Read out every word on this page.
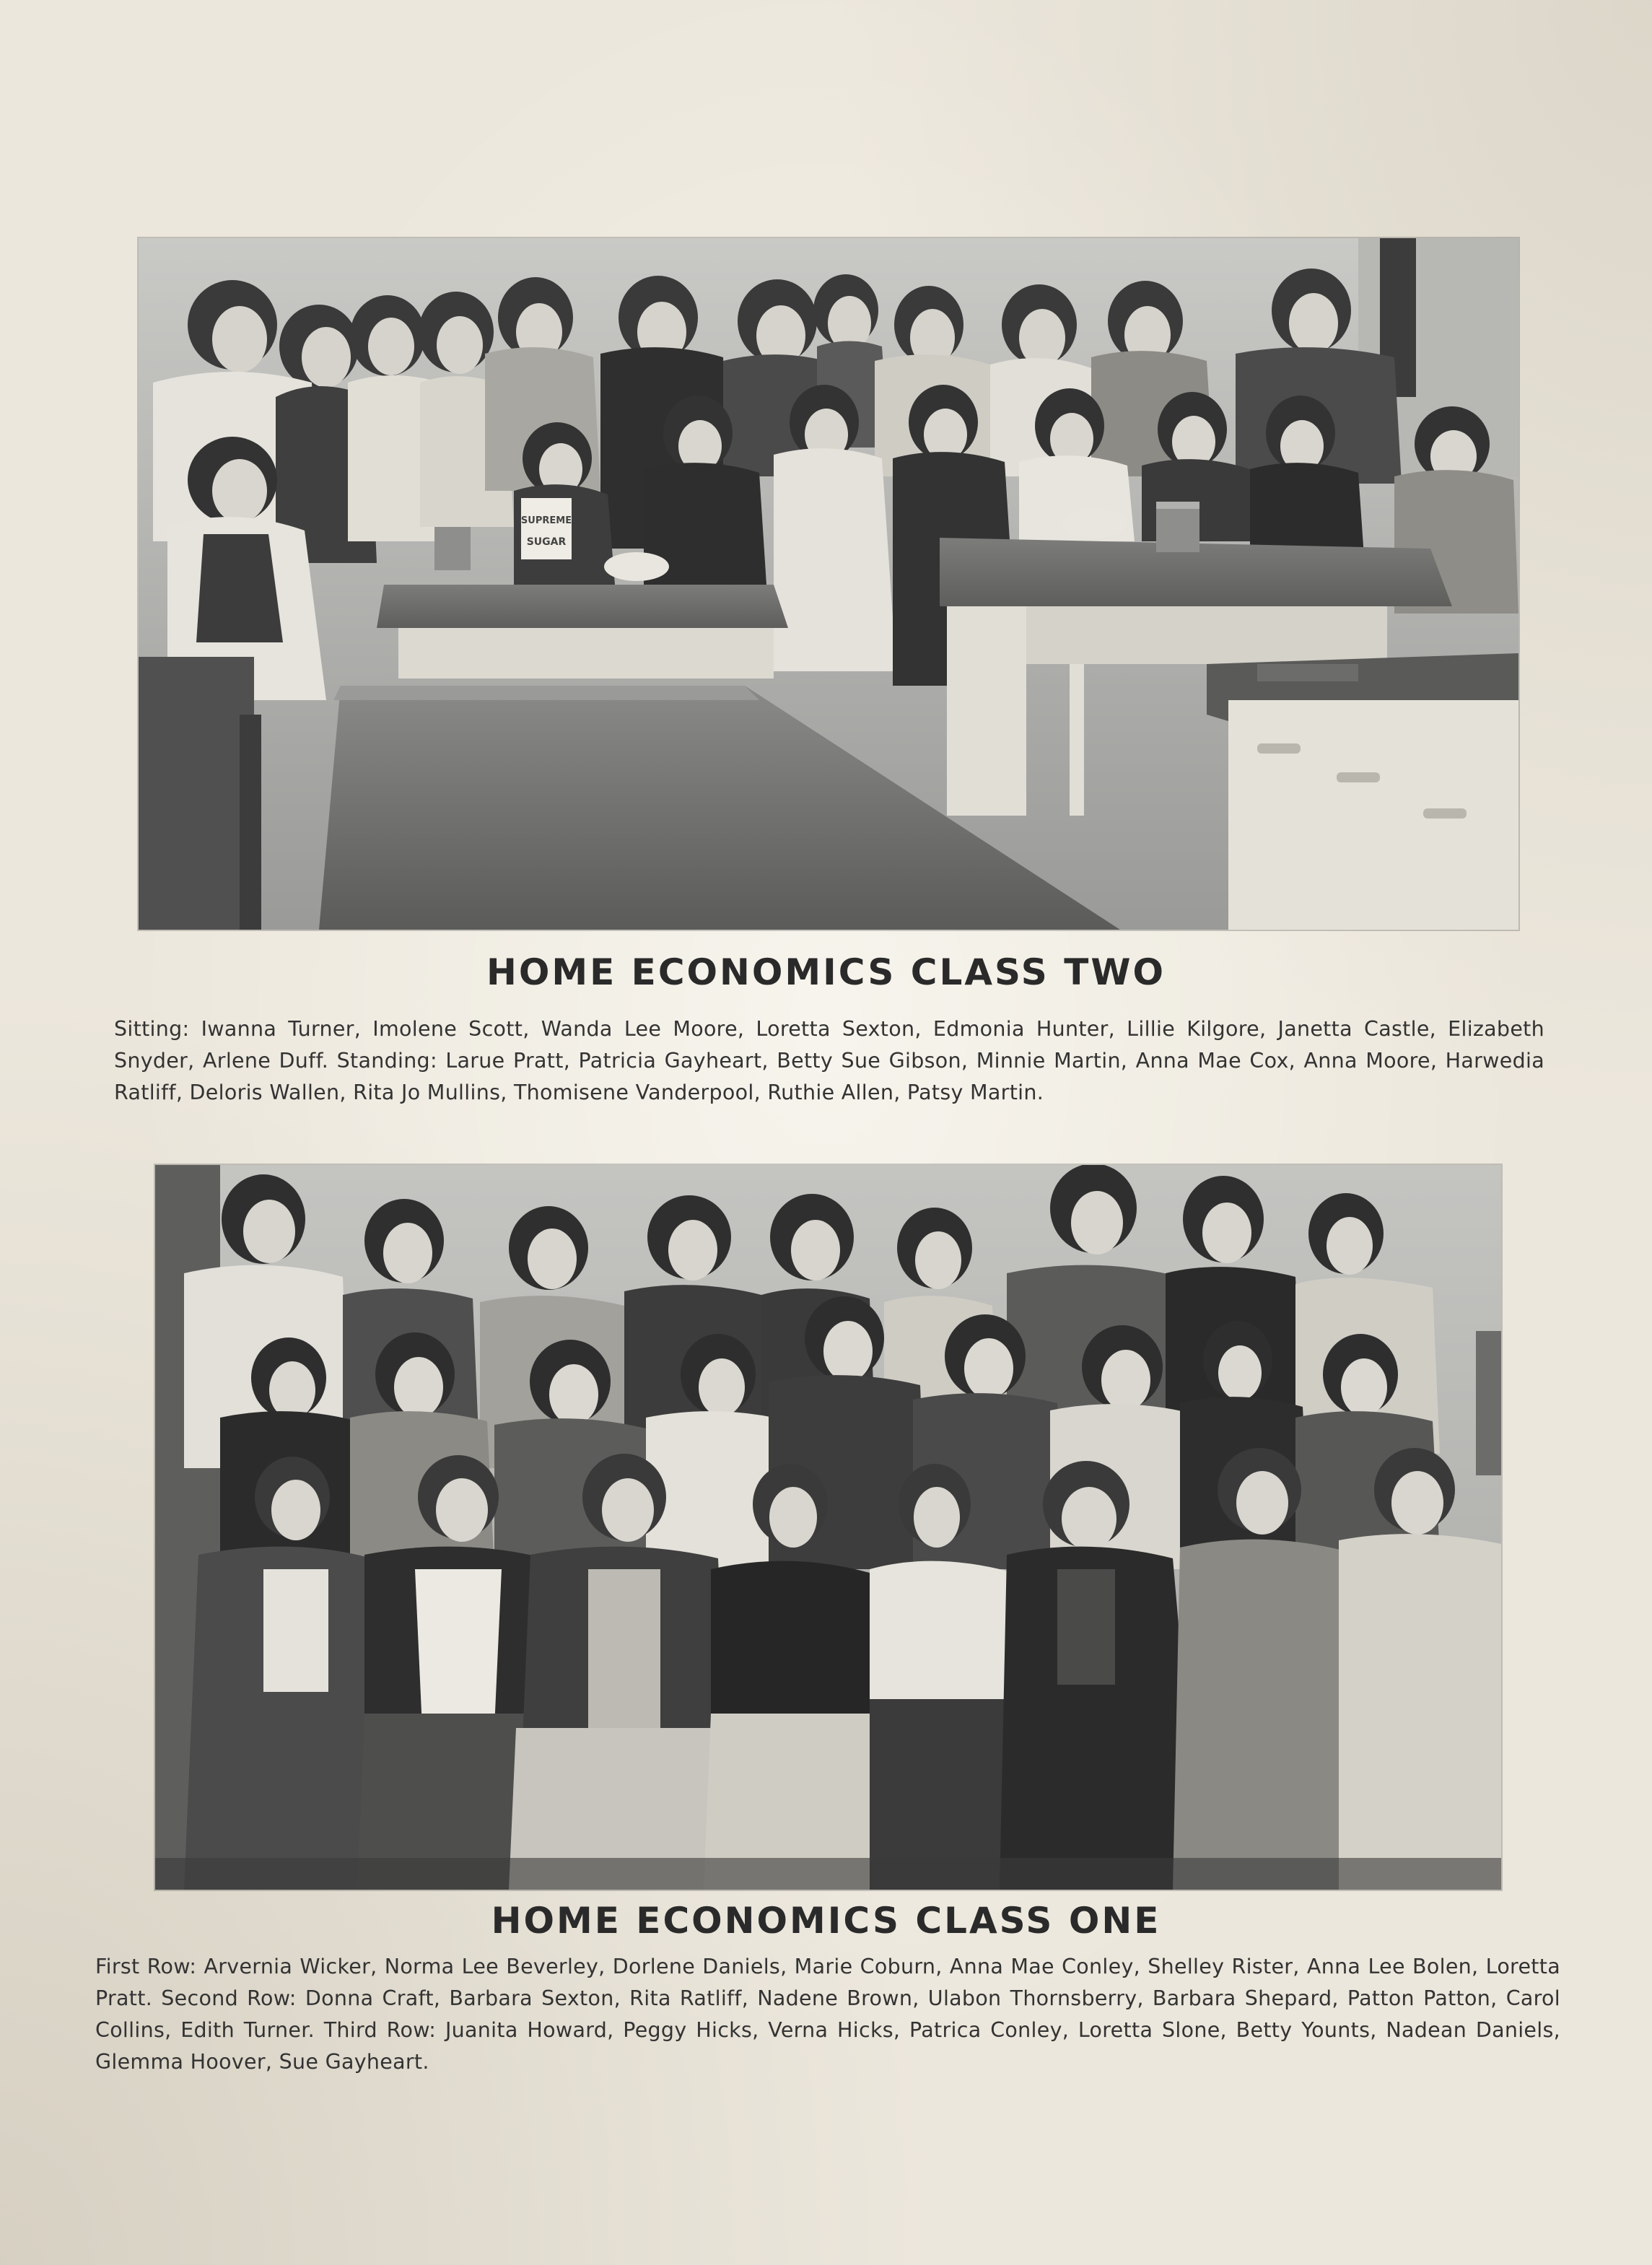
SUPREME
SUGAR
HOME ECONOMICS CLASS TWO

Sitting: Iwanna Turner, Imolene Scott, Wanda Lee Moore, Loretta Sexton, Edmonia Hunter, Lillie Kilgore, Janetta Castle, Elizabeth Snyder, Arlene Duff. Standing: Larue Pratt, Patricia Gayheart, Betty Sue Gibson, Minnie Martin, Anna Mae Cox, Anna Moore, Harwedia Ratliff, Deloris Wallen, Rita Jo Mullins, Thomisene Vanderpool, Ruthie Allen, Patsy Martin.

HOME ECONOMICS CLASS ONE

First Row: Arvernia Wicker, Norma Lee Beverley, Dorlene Daniels, Marie Coburn, Anna Mae Conley, Shelley Rister, Anna Lee Bolen, Loretta Pratt. Second Row: Donna Craft, Barbara Sexton, Rita Ratliff, Nadene Brown, Ulabon Thornsberry, Barbara Shepard, Patton Patton, Carol Collins, Edith Turner. Third Row: Juanita Howard, Peggy Hicks, Verna Hicks, Patrica Conley, Loretta Slone, Betty Younts, Nadean Daniels, Glemma Hoover, Sue Gayheart.
